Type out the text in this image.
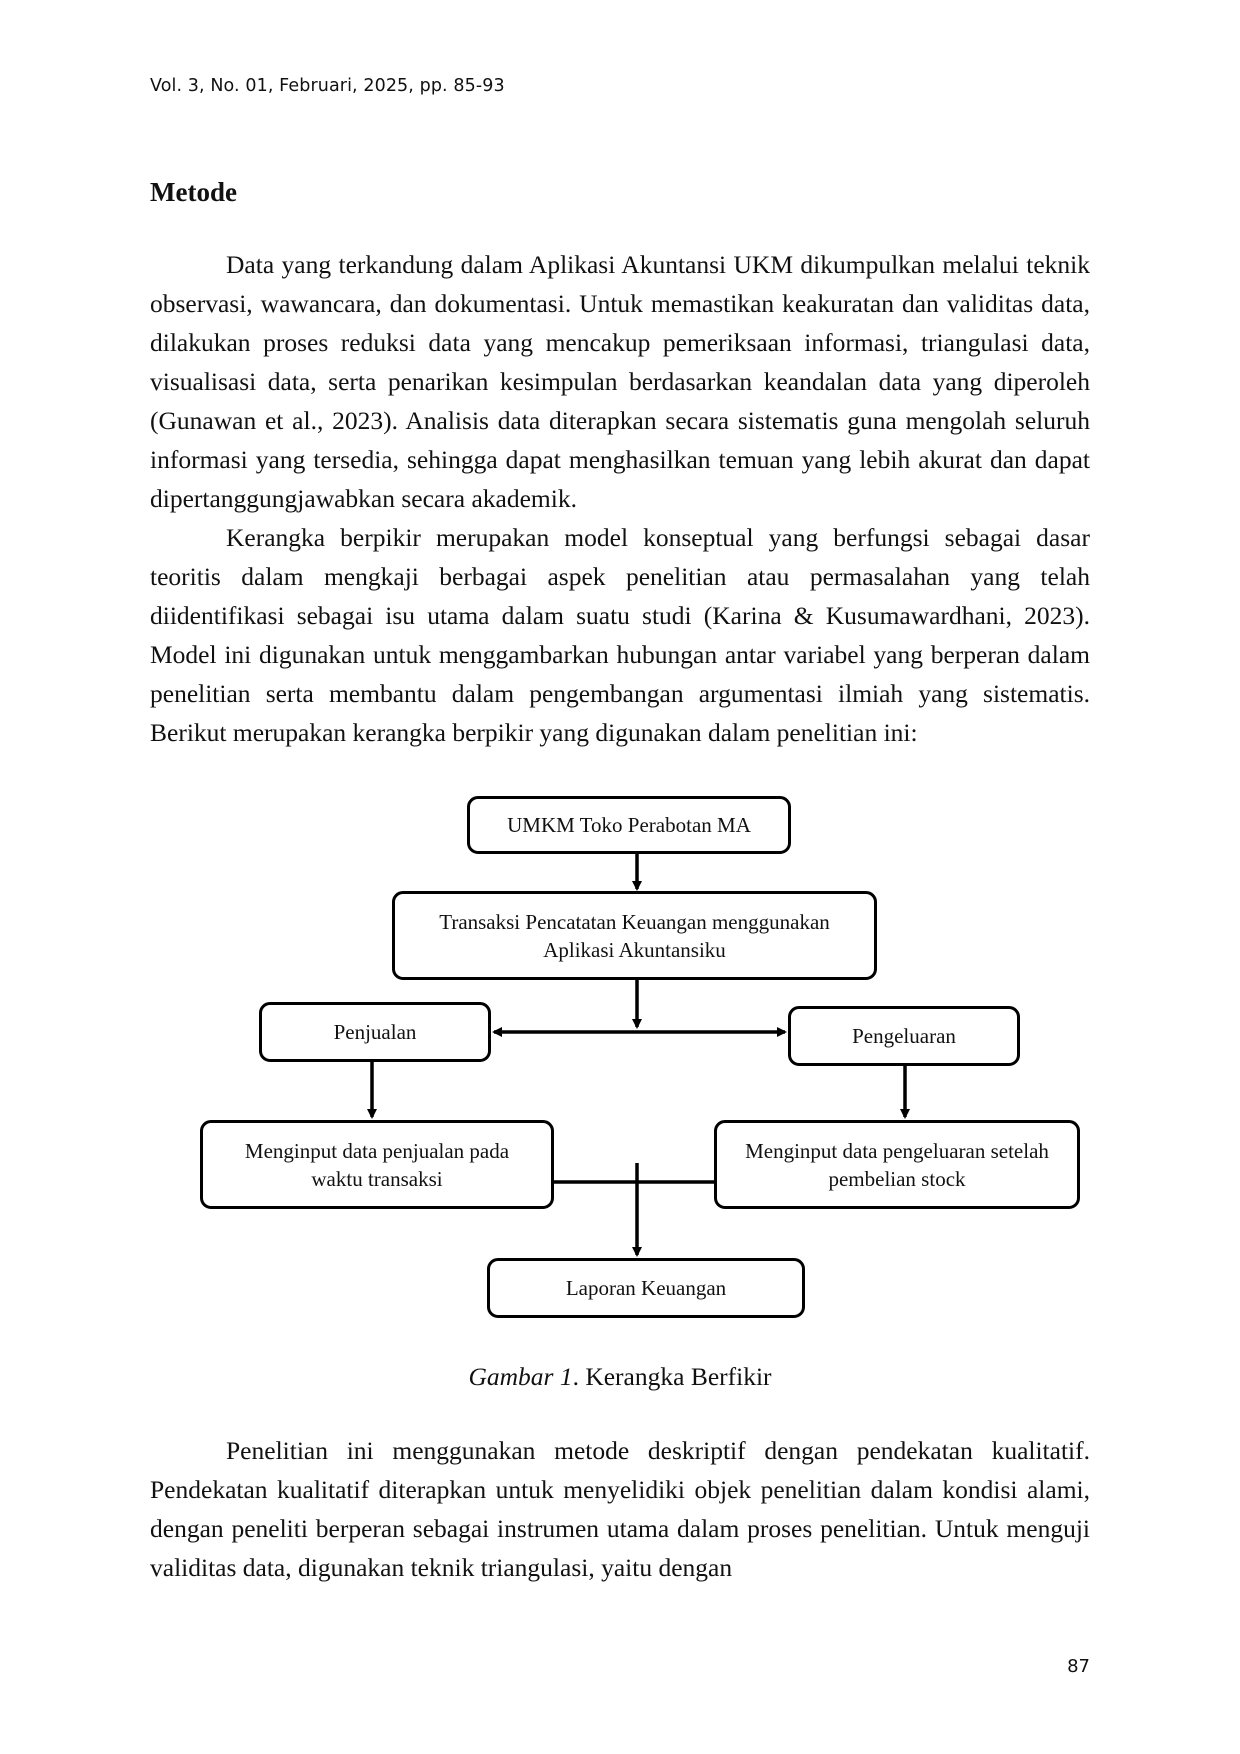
Vol. 3, No. 01, Februari, 2025, pp. 85-93
Metode

Data yang terkandung dalam Aplikasi Akuntansi UKM dikumpulkan melalui teknik observasi, wawancara, dan dokumentasi. Untuk memastikan keakuratan dan validitas data, dilakukan proses reduksi data yang mencakup pemeriksaan informasi, triangulasi data, visualisasi data, serta penarikan kesimpulan berdasarkan keandalan data yang diperoleh (Gunawan et al., 2023). Analisis data diterapkan secara sistematis guna mengolah seluruh informasi yang tersedia, sehingga dapat menghasilkan temuan yang lebih akurat dan dapat dipertanggungjawabkan secara akademik.

Kerangka berpikir merupakan model konseptual yang berfungsi sebagai dasar teoritis dalam mengkaji berbagai aspek penelitian atau permasalahan yang telah diidentifikasi sebagai isu utama dalam suatu studi (Karina & Kusumawardhani, 2023). Model ini digunakan untuk menggambarkan hubungan antar variabel yang berperan dalam penelitian serta membantu dalam pengembangan argumentasi ilmiah yang sistematis. Berikut merupakan kerangka berpikir yang digunakan dalam penelitian ini:

UMKM Toko Perabotan MA
Transaksi Pencatatan Keuangan menggunakan Aplikasi Akuntansiku
Penjualan	Pengeluaran
Menginput data penjualan pada waktu transaksi
Menginput data pengeluaran setelah pembelian stock
Laporan Keuangan
Gambar 1. Kerangka Berfikir

Penelitian ini menggunakan metode deskriptif dengan pendekatan kualitatif. Pendekatan kualitatif diterapkan untuk menyelidiki objek penelitian dalam kondisi alami, dengan peneliti berperan sebagai instrumen utama dalam proses penelitian. Untuk menguji validitas data, digunakan teknik triangulasi, yaitu dengan

87
